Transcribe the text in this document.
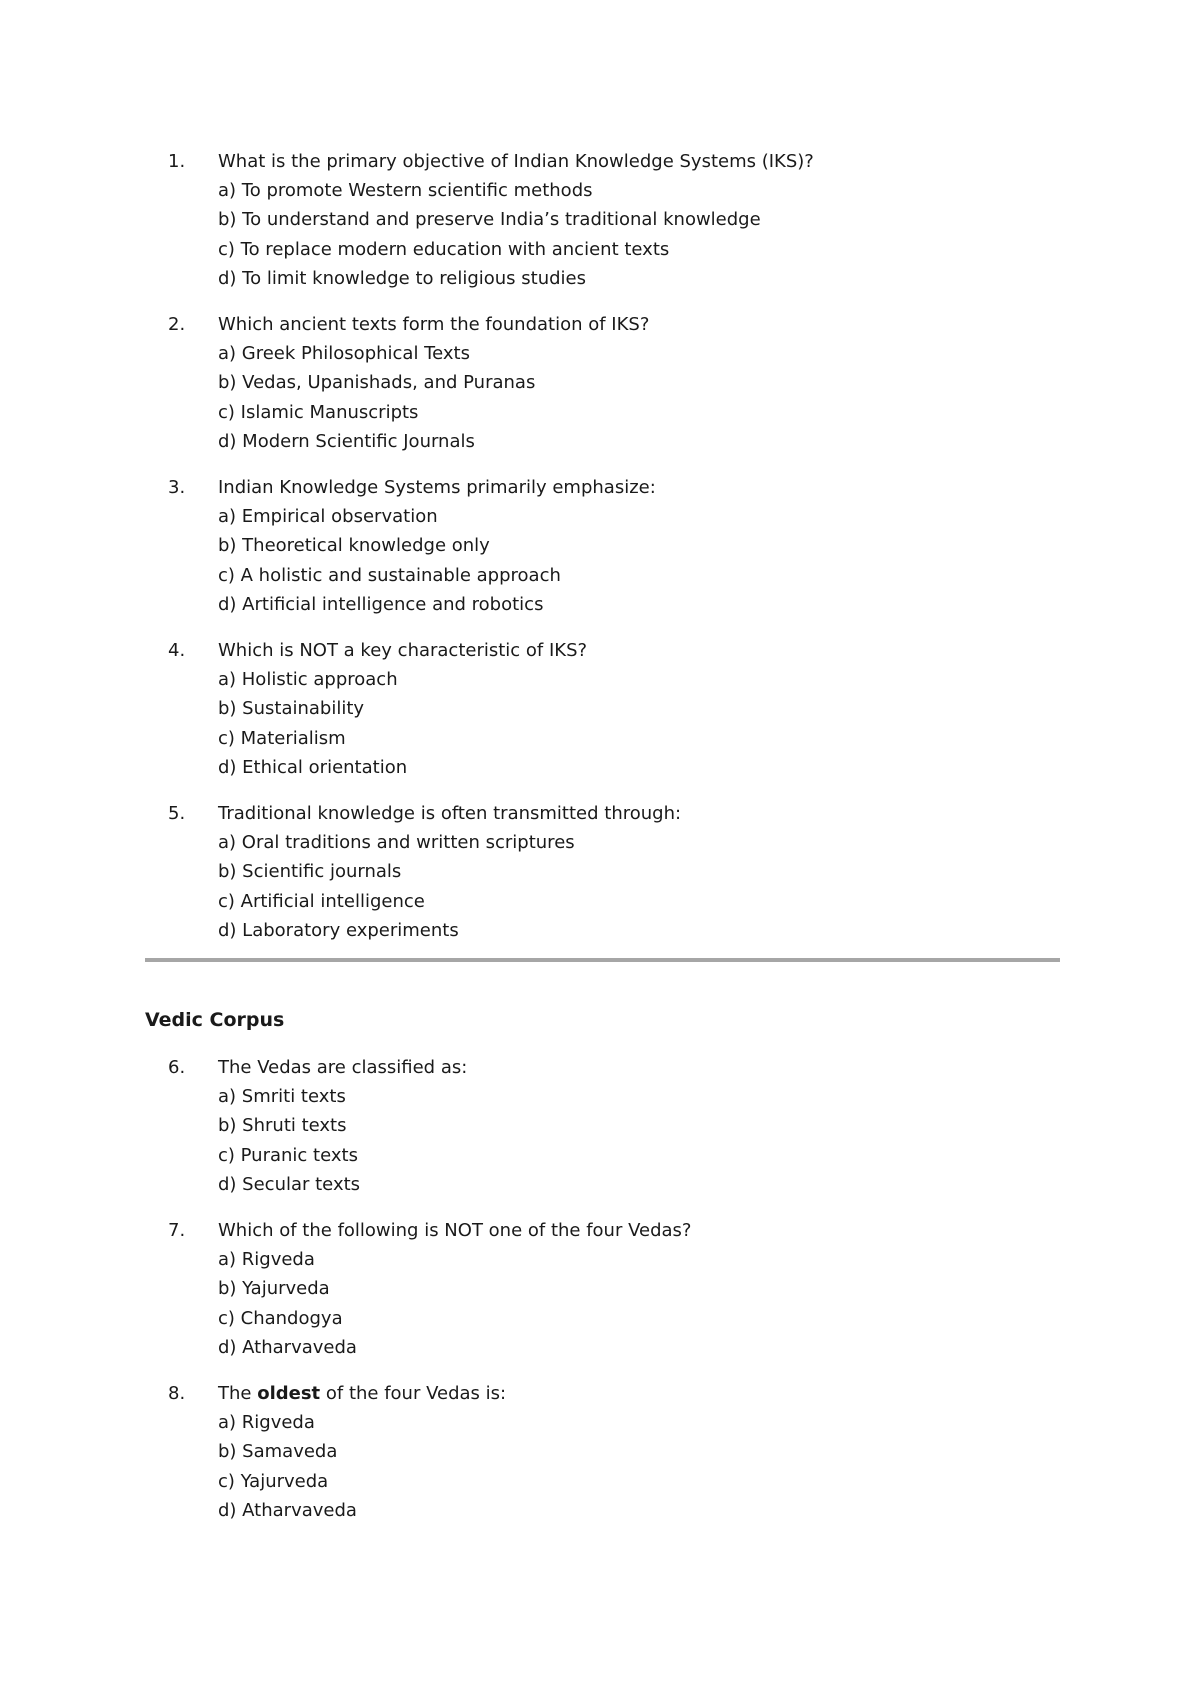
1.	What is the primary objective of Indian Knowledge Systems (IKS)?
a) To promote Western scientific methods
b) To understand and preserve India’s traditional knowledge
c) To replace modern education with ancient texts
d) To limit knowledge to religious studies
2.	Which ancient texts form the foundation of IKS?
a) Greek Philosophical Texts
b) Vedas, Upanishads, and Puranas
c) Islamic Manuscripts
d) Modern Scientific Journals
3.	Indian Knowledge Systems primarily emphasize:
a) Empirical observation
b) Theoretical knowledge only
c) A holistic and sustainable approach
d) Artificial intelligence and robotics
4.	Which is NOT a key characteristic of IKS?
a) Holistic approach
b) Sustainability
c) Materialism
d) Ethical orientation
5.	Traditional knowledge is often transmitted through:
a) Oral traditions and written scriptures
b) Scientific journals
c) Artificial intelligence
d) Laboratory experiments
Vedic Corpus
6.	The Vedas are classified as:
a) Smriti texts
b) Shruti texts
c) Puranic texts
d) Secular texts
7.	Which of the following is NOT one of the four Vedas?
a) Rigveda
b) Yajurveda
c) Chandogya
d) Atharvaveda
8.	The oldest of the four Vedas is:
a) Rigveda
b) Samaveda
c) Yajurveda
d) Atharvaveda
